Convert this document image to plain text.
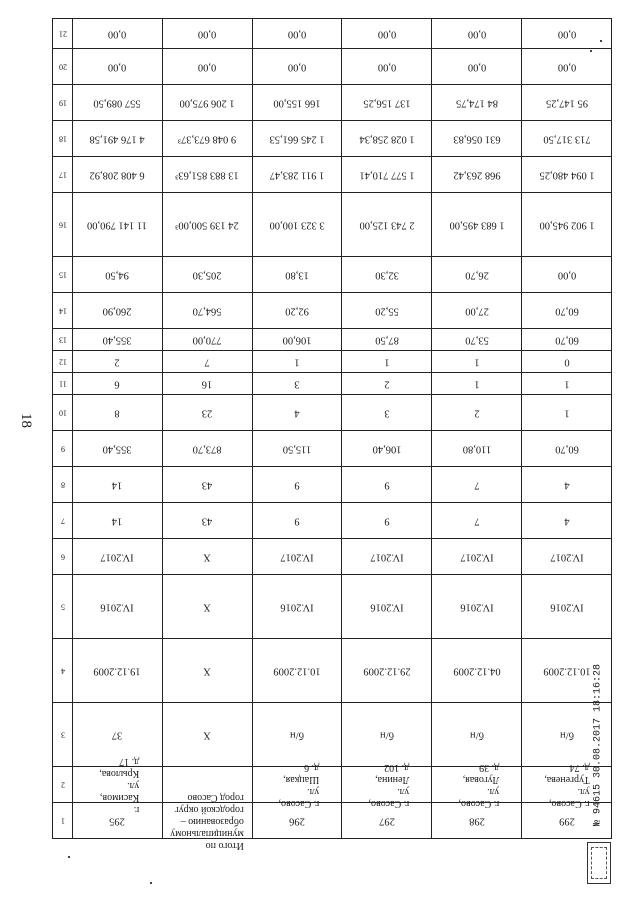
18
21	0,00	0,00	0,00	0,00	0,00	0,00

20	0,00	0,00	0,00	0,00	0,00	0,00

19	557 089,50	1 206 975,00	166 155,00	137 156,25	84 174,75	95 147,25

18	4 176 491,58	9 048 673,37³	1 245 661,53	1 028 258,34	631 056,83	713 317,50

17	6 408 208,92	13 883 851,63³	1 911 283,47	1 577 710,41	968 263,42	1 094 480,25

16	11 141 790,00	24 139 500,00³	3 323 100,00	2 743 125,00	1 683 495,00	1 902 945,00

15	94,50	205,30	13,80	32,30	26,70	0,00

14	260,90	564,70	92,20	55,20	27,00	60,70

13	355,40	770,00	106,00	87,50	53,70	60,70

12	2	7	1	1	1	0

11	6	16	3	2	1	1

10	8	23	4	3	2	1

9	355,40	873,70	115,50	106,40	110,80	60,70

8	14	43	9	9	7	4

7	14	43	9	9	7	4

6	IV.2017	X	IV.2017	IV.2017	IV.2017	IV.2017

5	IV.2016	X	IV.2016	IV.2016	IV.2016	IV.2016

4	19.12.2009	X	10.12.2009	29.12.2009	04.12.2009	10.12.2009

3	37	X	б/н	б/н	б/н	б/н

2	г. Касимов,
ул. Крылова,
д. 17		г. Сасово,
ул. Шацкая,
д. 6	г. Сасово,
ул. Ленина,
д. 102	г. Сасово,
ул. Луговая,
д. 39	г. Сасово,
ул. Тургенева,
д. 74

1	295	Итого по
муниципальному
образованию –
городской округ
город Сасово	296	297	298	299 № 94615 30.08.2017 18:16:28
